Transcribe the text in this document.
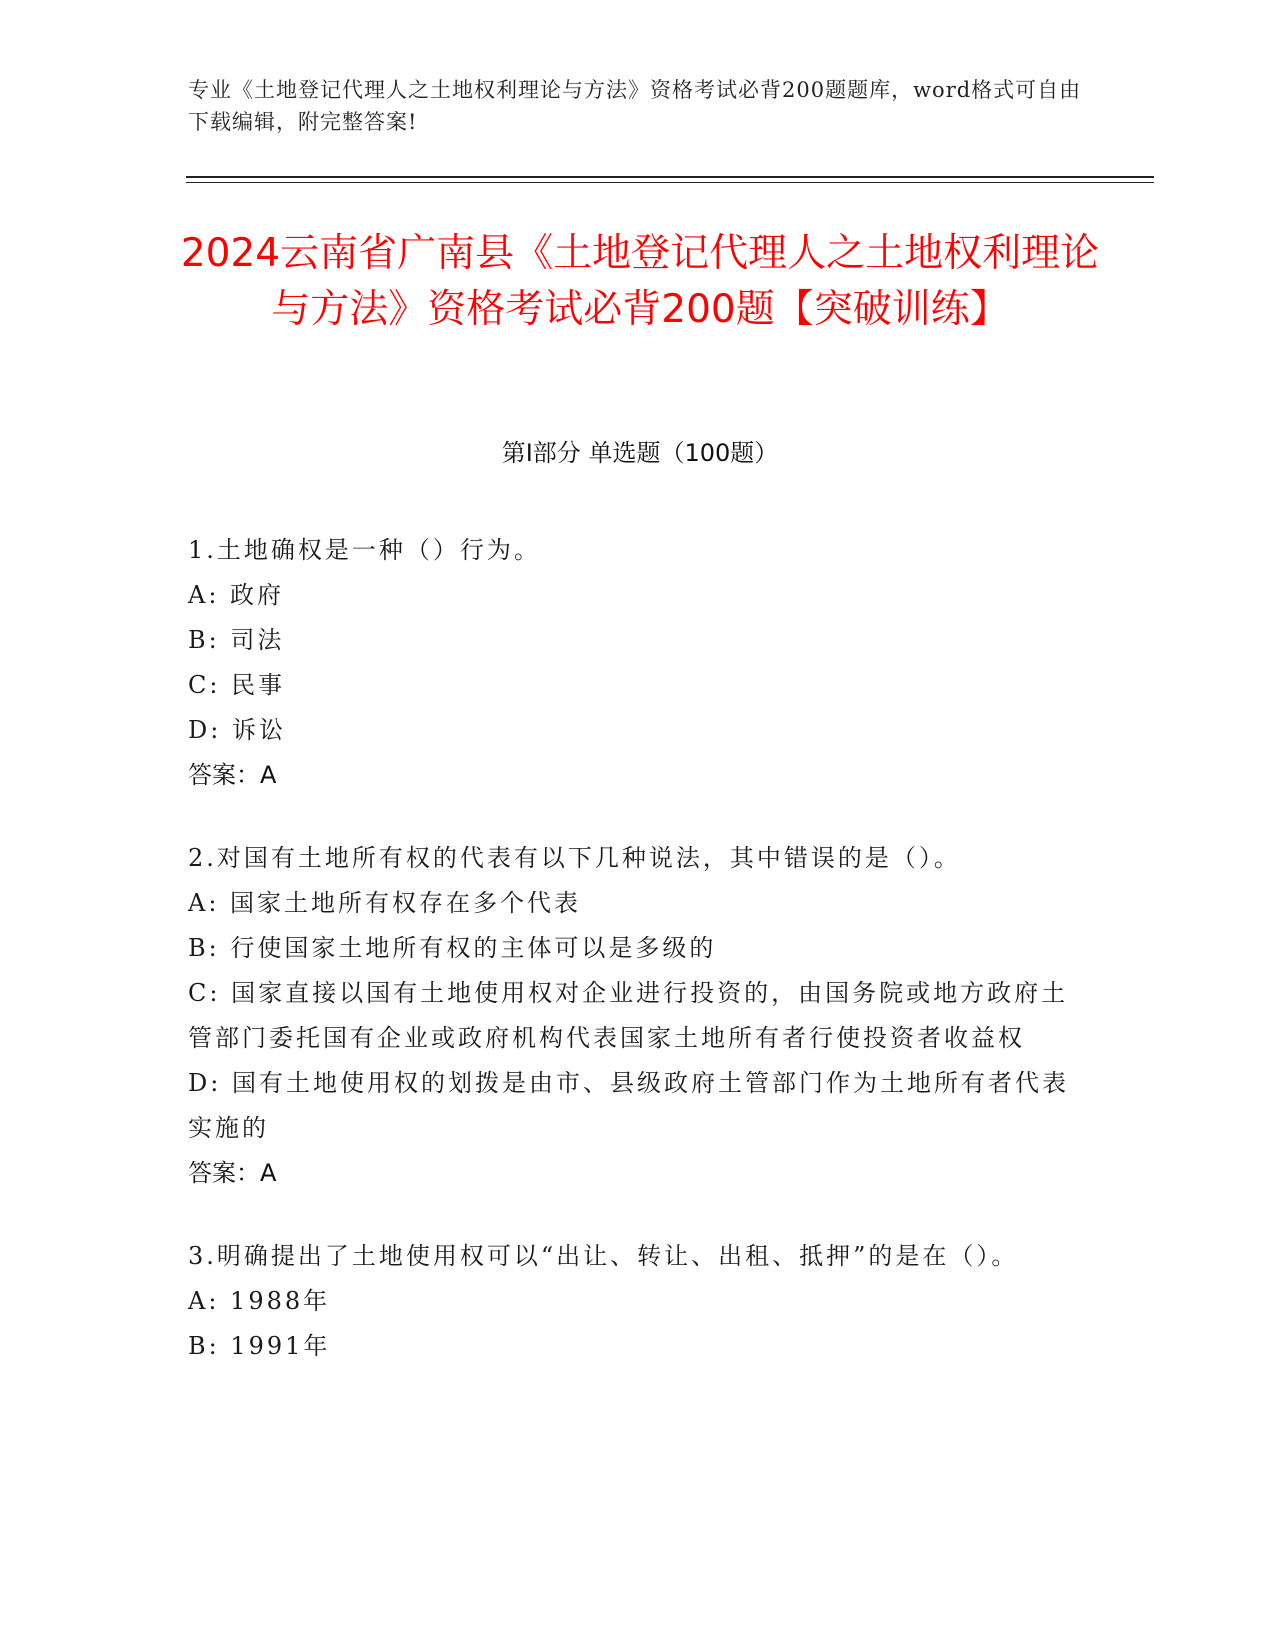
专业《土地登记代理人之土地权利理论与方法》资格考试必背200题题库，word格式可自由下载编辑，附完整答案!
2024云南省广南县《土地登记代理人之土地权利理论与方法》资格考试必背200题【突破训练】
第Ⅰ部分 单选题（100题）
1.土地确权是一种（）行为。
A: 政府
B: 司法
C: 民事
D: 诉讼
答案：A
2.对国有土地所有权的代表有以下几种说法，其中错误的是（）。
A: 国家土地所有权存在多个代表
B: 行使国家土地所有权的主体可以是多级的
C: 国家直接以国有土地使用权对企业进行投资的，由国务院或地方政府土管部门委托国有企业或政府机构代表国家土地所有者行使投资者收益权
D: 国有土地使用权的划拨是由市、县级政府土管部门作为土地所有者代表实施的
答案：A
3.明确提出了土地使用权可以“出让、转让、出租、抵押”的是在（）。
A: 1988年
B: 1991年
